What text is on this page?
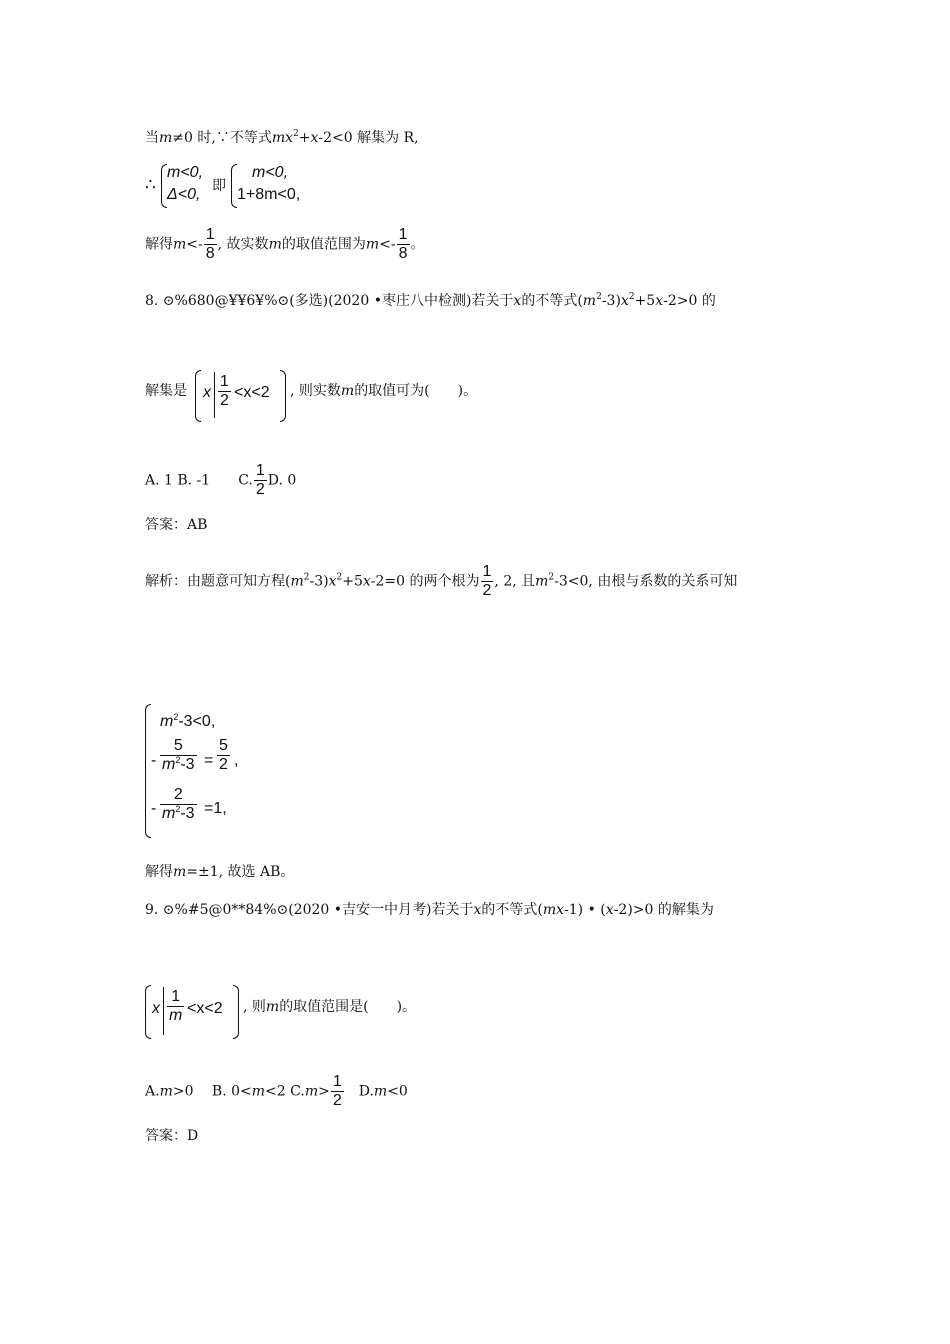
当m≠0 时,∵不等式$mx^2+x-2<0$ 解集为 R,
∴
m<0,
Δ<0, 即
m<0,
1+8m<0,
解得$m<- \frac{1}{8}$ , 故实数m的取值范围为$m<- \frac{1}{8}$ 。
8. ⊙%680@¥¥6¥%⊙(多选)(2020 •枣庄八中检测)若关于x的不等式$(m^2-3)x^2+5x-2>0$ 的
解集是 x $\frac{1}{2} <x<2$ , 则实数m的取值可为(　　)。
A. 1 B. -1　　C. $\frac{1}{2} D$. 0
答案：AB
解析：由题意可知方程$(m^2-3)x^2+5x-2=0$ 的两个根为 $\frac{1}{2}$ , 2, 且$m^2-3<0$, 由根与系数的关系可知
$m^2-3<0$,
- $\frac{5}{m^2-3} = \frac{5}{2}$ ,
- $\frac{2}{m^2-3} =1$,
解得m=±1, 故选 AB。
9. ⊙%#5@0**84%⊙(2020 •吉安一中月考)若关于x的不等式(mx-1) • (x-2)>0 的解集为
x $\frac{1}{m} <x<2$ , 则m的取值范围是(　　)。
A.m>0　 B. 0<m<2 $C.m> \frac{1}{2}$ 　D.m<0
答案：D
